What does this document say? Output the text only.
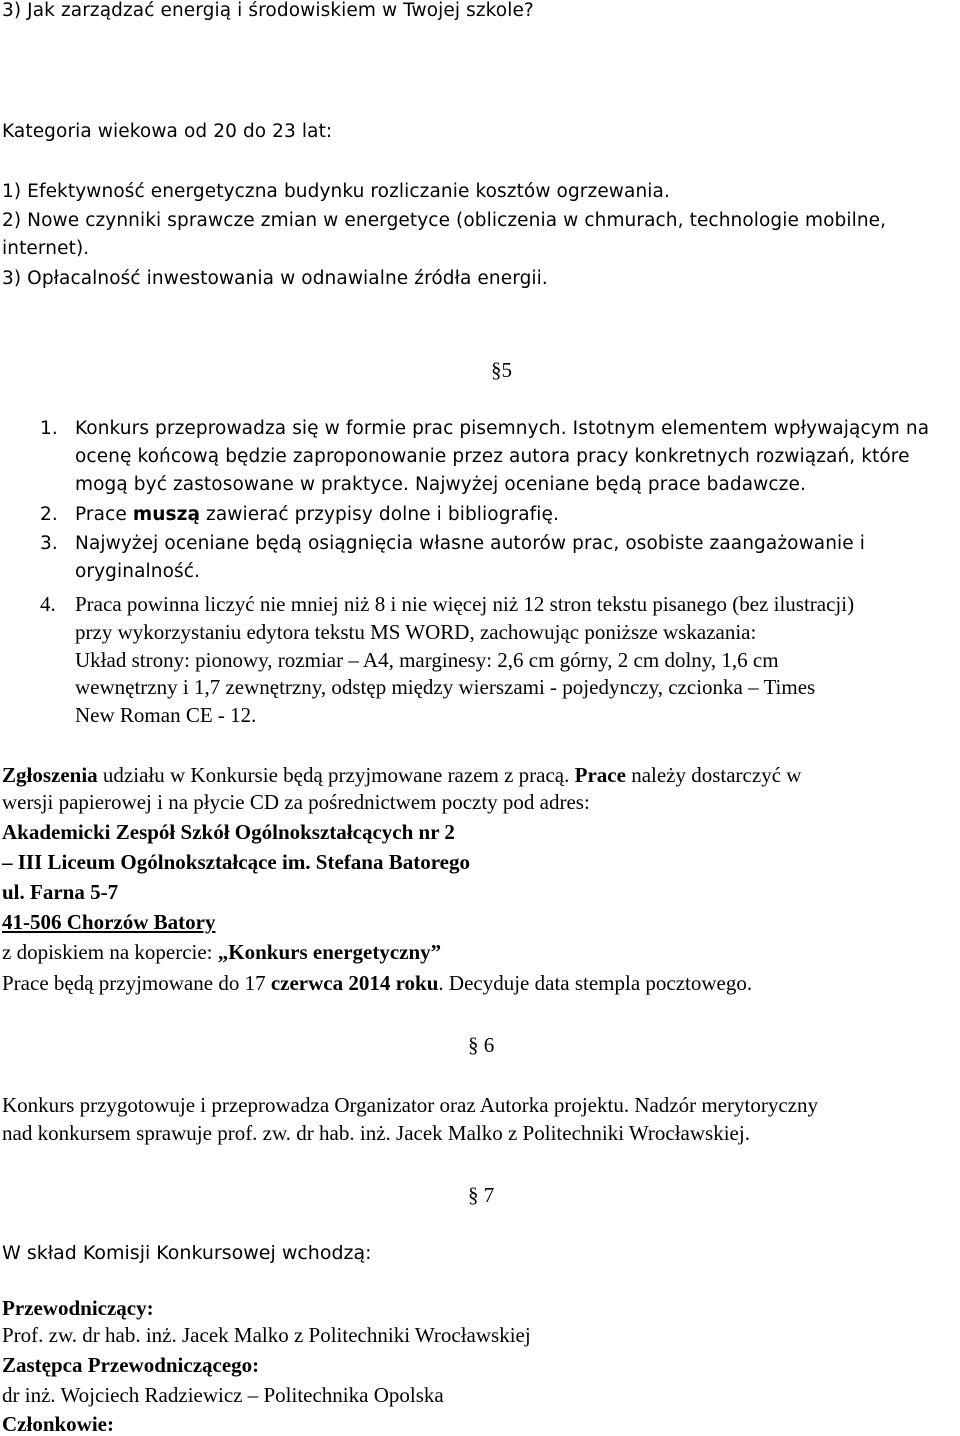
3) Jak zarządzać energią i środowiskiem w Twojej szkole?
Kategoria wiekowa od 20 do 23 lat:
1) Efektywność energetyczna budynku rozliczanie kosztów ogrzewania.
2) Nowe czynniki sprawcze zmian w energetyce (obliczenia w chmurach, technologie mobilne,
internet).
3) Opłacalność inwestowania w odnawialne źródła energii.
§5
1. Konkurs przeprowadza się w formie prac pisemnych. Istotnym elementem wpływającym na
ocenę końcową będzie zaproponowanie przez autora pracy konkretnych rozwiązań, które
mogą być zastosowane w praktyce. Najwyżej oceniane będą prace badawcze.
2. Prace muszą zawierać przypisy dolne i bibliografię.
3. Najwyżej oceniane będą osiągnięcia własne autorów prac, osobiste zaangażowanie i
oryginalność.
4. Praca powinna liczyć nie mniej niż 8 i nie więcej niż 12 stron tekstu pisanego (bez ilustracji)
przy wykorzystaniu edytora tekstu MS WORD, zachowując poniższe wskazania:
Układ strony: pionowy, rozmiar – A4, marginesy: 2,6 cm górny, 2 cm dolny, 1,6 cm
wewnętrzny i 1,7 zewnętrzny, odstęp między wierszami - pojedynczy, czcionka – Times
New Roman CE - 12.
Zgłoszenia udziału w Konkursie będą przyjmowane razem z pracą. Prace należy dostarczyć w
wersji papierowej i na płycie CD za pośrednictwem poczty pod adres:
Akademicki Zespół Szkół Ogólnokształcących nr 2
– III Liceum Ogólnokształcące im. Stefana Batorego
ul. Farna 5-7
41-506 Chorzów Batory
z dopiskiem na kopercie: „Konkurs energetyczny”
Prace będą przyjmowane do 17 czerwca 2014 roku. Decyduje data stempla pocztowego.
§ 6
Konkurs przygotowuje i przeprowadza Organizator oraz Autorka projektu. Nadzór merytoryczny
nad konkursem sprawuje prof. zw. dr hab. inż. Jacek Malko z Politechniki Wrocławskiej.
§ 7
W skład Komisji Konkursowej wchodzą:
Przewodniczący:
Prof. zw. dr hab. inż. Jacek Malko z Politechniki Wrocławskiej
Zastępca Przewodniczącego:
dr inż. Wojciech Radziewicz – Politechnika Opolska
Członkowie:
